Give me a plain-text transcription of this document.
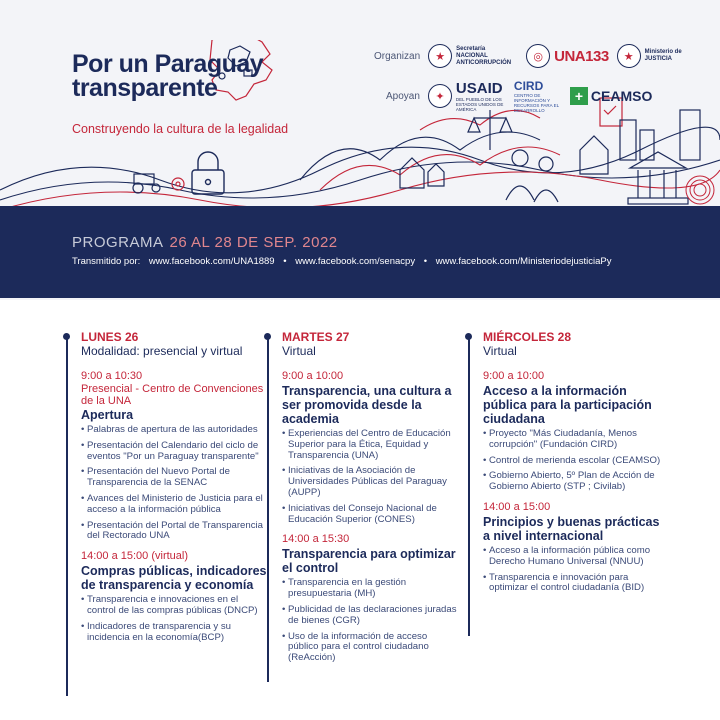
Por un Paraguay transparente
Construyendo la cultura de la legalidad
Organizan	★
Secretaría NACIONAL ANTICORRUPCIÓN	◎ UNA133	★	Ministerio de JUSTICIA
Apoyan	✦ USAID
DEL PUEBLO DE LOS ESTADOS UNIDOS DE AMÉRICA
CIRD
CENTRO DE INFORMACIÓN Y RECURSOS PARA EL DESARROLLO
+ CEAMSO
PROGRAMA 26 AL 28 DE SEP. 2022
Transmitido por: www.facebook.com/UNA1889 • www.facebook.com/senacpy • www.facebook.com/MinisteriodejusticiaPy
LUNES 26
Modalidad: presencial y virtual
9:00 a 10:30
Presencial - Centro de Convenciones de la UNA
Apertura
• Palabras de apertura de las autoridades
• Presentación del Calendario del ciclo de eventos "Por un Paraguay transparente"
• Presentación del Nuevo Portal de Transparencia de la SENAC
• Avances del Ministerio de Justicia para el acceso a la información pública
• Presentación del Portal de Transparencia del Rectorado UNA
14:00 a 15:00 (virtual)
Compras públicas, indicadores de transparencia y economía
• Transparencia e innovaciones en el control de las compras públicas (DNCP)
• Indicadores de transparencia y su incidencia en la economía(BCP)
MARTES 27
Virtual
9:00 a 10:00
Transparencia, una cultura a ser promovida desde la academia
• Experiencias del Centro de Educación Superior para la Ética, Equidad y Transparencia (UNA)
• Iniciativas de la Asociación de Universidades Públicas del Paraguay (AUPP)
• Iniciativas del Consejo Nacional de Educación Superior (CONES)
14:00 a 15:30
Transparencia para optimizar el control
• Transparencia en la gestión presupuestaria (MH)
• Publicidad de las declaraciones juradas de bienes (CGR)
• Uso de la información de acceso público para el control ciudadano (ReAcción)
MIÉRCOLES 28
Virtual
9:00 a 10:00
Acceso a la información pública para la participación ciudadana
• Proyecto "Más Ciudadanía, Menos corrupción" (Fundación CIRD)
• Control de merienda escolar (CEAMSO)
• Gobierno Abierto, 5º Plan de Acción de Gobierno Abierto (STP ; Civilab)
14:00 a 15:00
Principios y buenas prácticas a nivel internacional
• Acceso a la información pública como Derecho Humano Universal (NNUU)
• Transparencia e innovación para optimizar el control ciudadanía (BID)
